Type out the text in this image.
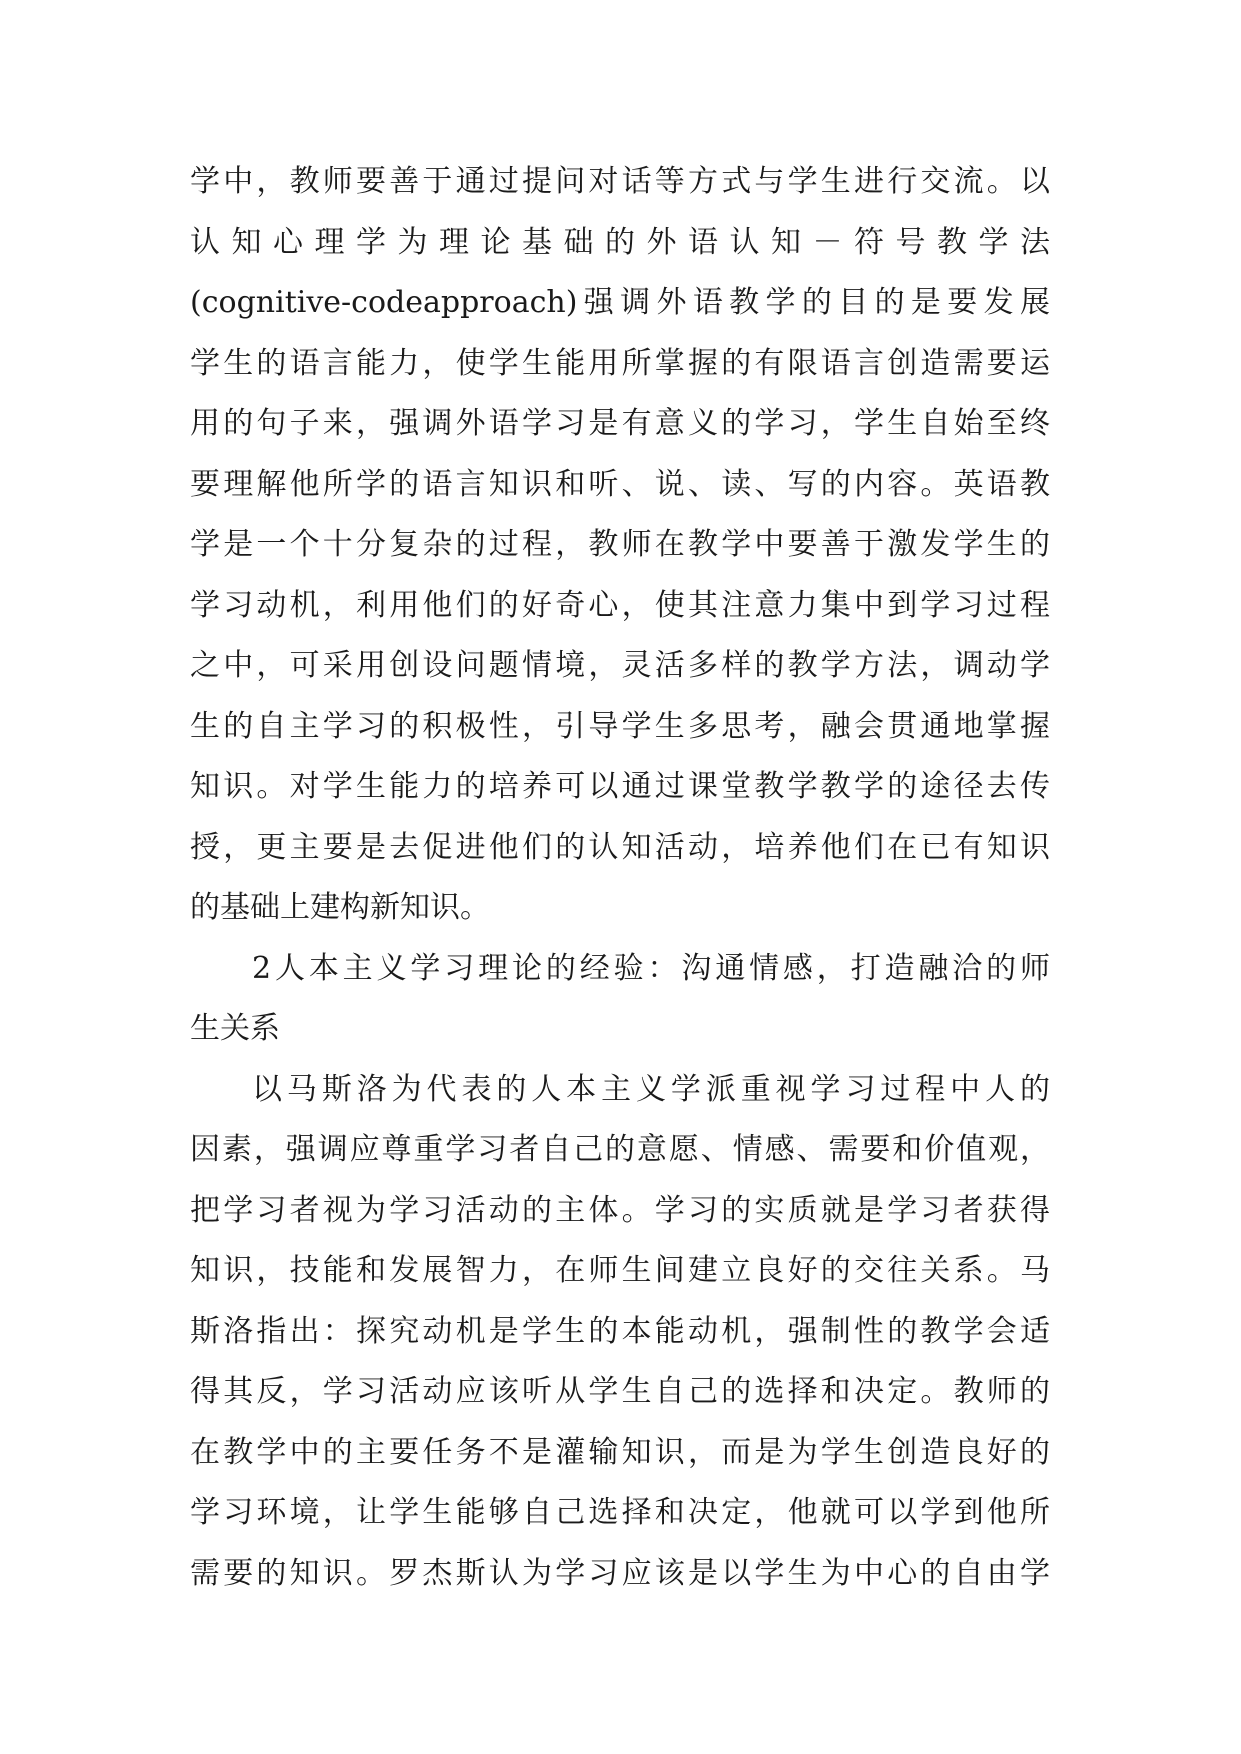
学中，教师要善于通过提问对话等方式与学生进行交流。以
认知心理学为理论基础的外语认知－符号教学法
(cognitive-codeapproach)强调外语教学的目的是要发展
学生的语言能力，使学生能用所掌握的有限语言创造需要运
用的句子来，强调外语学习是有意义的学习，学生自始至终
要理解他所学的语言知识和听、说、读、写的内容。英语教
学是一个十分复杂的过程，教师在教学中要善于激发学生的
学习动机，利用他们的好奇心，使其注意力集中到学习过程
之中，可采用创设问题情境，灵活多样的教学方法，调动学
生的自主学习的积极性，引导学生多思考，融会贯通地掌握
知识。对学生能力的培养可以通过课堂教学教学的途径去传
授，更主要是去促进他们的认知活动，培养他们在已有知识
的基础上建构新知识。
2人本主义学习理论的经验：沟通情感，打造融洽的师
生关系
以马斯洛为代表的人本主义学派重视学习过程中人的
因素，强调应尊重学习者自己的意愿、情感、需要和价值观，
把学习者视为学习活动的主体。学习的实质就是学习者获得
知识，技能和发展智力，在师生间建立良好的交往关系。马
斯洛指出：探究动机是学生的本能动机，强制性的教学会适
得其反，学习活动应该听从学生自己的选择和决定。教师的
在教学中的主要任务不是灌输知识，而是为学生创造良好的
学习环境，让学生能够自己选择和决定，他就可以学到他所
需要的知识。罗杰斯认为学习应该是以学生为中心的自由学
